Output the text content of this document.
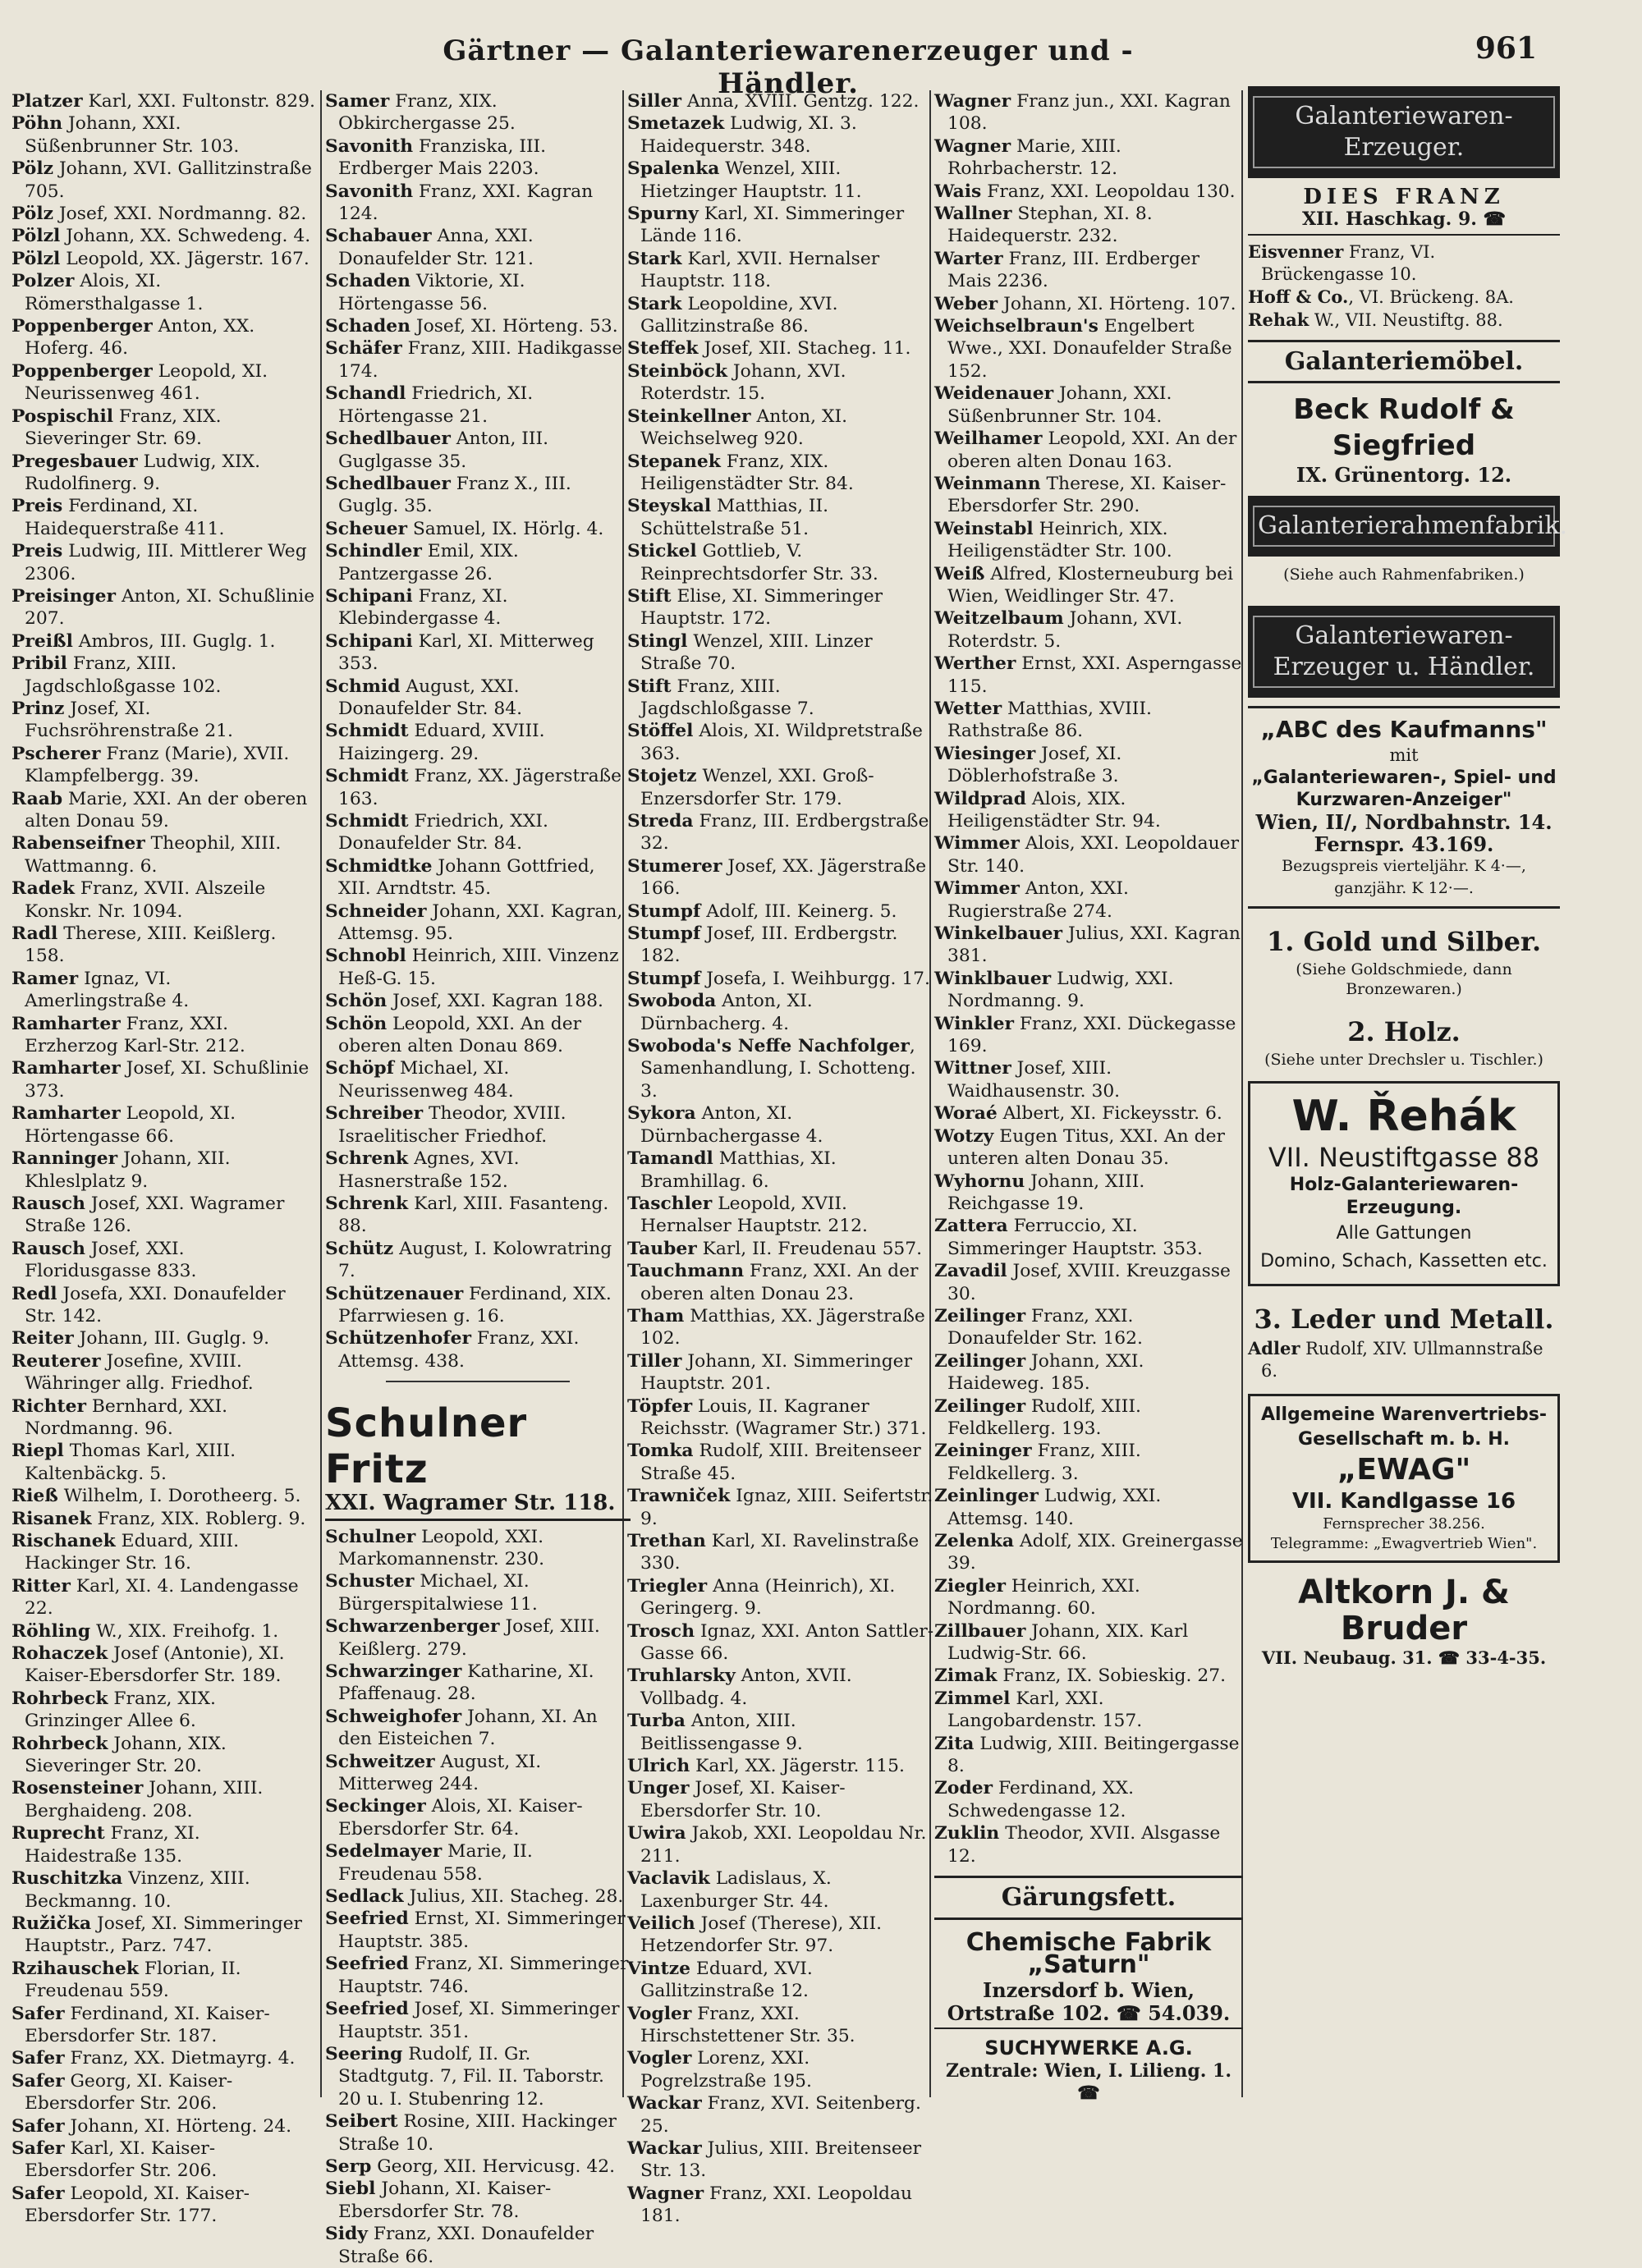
Gärtner — Galanteriewarenerzeuger und -Händler.
961
Platzer Karl, XXI. Fultonstr. 829.
Pöhn Johann, XXI. Süßenbrunner Str. 103.
Pölz Johann, XVI. Gallitzinstraße 705.
Pölz Josef, XXI. Nordmanng. 82.
Pölzl Johann, XX. Schwedeng. 4.
Pölzl Leopold, XX. Jägerstr. 167.
Polzer Alois, XI. Römersthalgasse 1.
Poppenberger Anton, XX. Hoferg. 46.
Poppenberger Leopold, XI. Neurissenweg 461.
Pospischil Franz, XIX. Sieveringer Str. 69.
Pregesbauer Ludwig, XIX. Rudolfinerg. 9.
Preis Ferdinand, XI. Haidequerstraße 411.
Preis Ludwig, III. Mittlerer Weg 2306.
Preisinger Anton, XI. Schußlinie 207.
Preißl Ambros, III. Guglg. 1.
Pribil Franz, XIII. Jagdschloßgasse 102.
Prinz Josef, XI. Fuchsröhrenstraße 21.
Pscherer Franz (Marie), XVII. Klampfelbergg. 39.
Raab Marie, XXI. An der oberen alten Donau 59.
Rabenseifner Theophil, XIII. Wattmanng. 6.
Radek Franz, XVII. Alszeile Konskr. Nr. 1094.
Radl Therese, XIII. Keißlerg. 158.
Ramer Ignaz, VI. Amerlingstraße 4.
Ramharter Franz, XXI. Erzherzog Karl-Str. 212.
Ramharter Josef, XI. Schußlinie 373.
Ramharter Leopold, XI. Hörtengasse 66.
Ranninger Johann, XII. Khleslplatz 9.
Rausch Josef, XXI. Wagramer Straße 126.
Rausch Josef, XXI. Floridusgasse 833.
Redl Josefa, XXI. Donaufelder Str. 142.
Reiter Johann, III. Guglg. 9.
Reuterer Josefine, XVIII. Währinger allg. Friedhof.
Richter Bernhard, XXI. Nordmanng. 96.
Riepl Thomas Karl, XIII. Kaltenbäckg. 5.
Rieß Wilhelm, I. Dorotheerg. 5.
Risanek Franz, XIX. Roblerg. 9.
Rischanek Eduard, XIII. Hackinger Str. 16.
Ritter Karl, XI. 4. Landengasse 22.
Röhling W., XIX. Freihofg. 1.
Rohaczek Josef (Antonie), XI. Kaiser-Ebersdorfer Str. 189.
Rohrbeck Franz, XIX. Grinzinger Allee 6.
Rohrbeck Johann, XIX. Sieveringer Str. 20.
Rosensteiner Johann, XIII. Berghaideng. 208.
Ruprecht Franz, XI. Haidestraße 135.
Ruschitzka Vinzenz, XIII. Beckmanng. 10.
Ružička Josef, XI. Simmeringer Hauptstr., Parz. 747.
Rzihauschek Florian, II. Freudenau 559.
Safer Ferdinand, XI. Kaiser-Ebersdorfer Str. 187.
Safer Franz, XX. Dietmayrg. 4.
Safer Georg, XI. Kaiser-Ebersdorfer Str. 206.
Safer Johann, XI. Hörteng. 24.
Safer Karl, XI. Kaiser-Ebersdorfer Str. 206.
Safer Leopold, XI. Kaiser-Ebersdorfer Str. 177.
Samer Franz, XIX. Obkirchergasse 25.
Savonith Franziska, III. Erdberger Mais 2203.
Savonith Franz, XXI. Kagran 124.
Schabauer Anna, XXI. Donaufelder Str. 121.
Schaden Viktorie, XI. Hörtengasse 56.
Schaden Josef, XI. Hörteng. 53.
Schäfer Franz, XIII. Hadikgasse 174.
Schandl Friedrich, XI. Hörtengasse 21.
Schedlbauer Anton, III. Guglgasse 35.
Schedlbauer Franz X., III. Guglg. 35.
Scheuer Samuel, IX. Hörlg. 4.
Schindler Emil, XIX. Pantzergasse 26.
Schipani Franz, XI. Klebindergasse 4.
Schipani Karl, XI. Mitterweg 353.
Schmid August, XXI. Donaufelder Str. 84.
Schmidt Eduard, XVIII. Haizingerg. 29.
Schmidt Franz, XX. Jägerstraße 163.
Schmidt Friedrich, XXI. Donaufelder Str. 84.
Schmidtke Johann Gottfried, XII. Arndtstr. 45.
Schneider Johann, XXI. Kagran, Attemsg. 95.
Schnobl Heinrich, XIII. Vinzenz Heß-G. 15.
Schön Josef, XXI. Kagran 188.
Schön Leopold, XXI. An der oberen alten Donau 869.
Schöpf Michael, XI. Neurissenweg 484.
Schreiber Theodor, XVIII. Israelitischer Friedhof.
Schrenk Agnes, XVI. Hasnerstraße 152.
Schrenk Karl, XIII. Fasanteng. 88.
Schütz August, I. Kolowratring 7.
Schützenauer Ferdinand, XIX. Pfarrwiesen g. 16.
Schützenhofer Franz, XXI. Attemsg. 438.
Schulner Fritz
XXI. Wagramer Str. 118.
Schulner Leopold, XXI. Markomannenstr. 230.
Schuster Michael, XI. Bürgerspitalwiese 11.
Schwarzenberger Josef, XIII. Keißlerg. 279.
Schwarzinger Katharine, XI. Pfaffenaug. 28.
Schweighofer Johann, XI. An den Eisteichen 7.
Schweitzer August, XI. Mitterweg 244.
Seckinger Alois, XI. Kaiser-Ebersdorfer Str. 64.
Sedelmayer Marie, II. Freudenau 558.
Sedlack Julius, XII. Stacheg. 28.
Seefried Ernst, XI. Simmeringer Hauptstr. 385.
Seefried Franz, XI. Simmeringer Hauptstr. 746.
Seefried Josef, XI. Simmeringer Hauptstr. 351.
Seering Rudolf, II. Gr. Stadtgutg. 7, Fil. II. Taborstr. 20 u. I. Stubenring 12.
Seibert Rosine, XIII. Hackinger Straße 10.
Serp Georg, XII. Hervicusg. 42.
Siebl Johann, XI. Kaiser-Ebersdorfer Str. 78.
Sidy Franz, XXI. Donaufelder Straße 66.
Siller Anna, XVIII. Gentzg. 122.
Smetazek Ludwig, XI. 3. Haidequerstr. 348.
Spalenka Wenzel, XIII. Hietzinger Hauptstr. 11.
Spurny Karl, XI. Simmeringer Lände 116.
Stark Karl, XVII. Hernalser Hauptstr. 118.
Stark Leopoldine, XVI. Gallitzinstraße 86.
Steffek Josef, XII. Stacheg. 11.
Steinböck Johann, XVI. Roterdstr. 15.
Steinkellner Anton, XI. Weichselweg 920.
Stepanek Franz, XIX. Heiligenstädter Str. 84.
Steyskal Matthias, II. Schüttelstraße 51.
Stickel Gottlieb, V. Reinprechtsdorfer Str. 33.
Stift Elise, XI. Simmeringer Hauptstr. 172.
Stingl Wenzel, XIII. Linzer Straße 70.
Stift Franz, XIII. Jagdschloßgasse 7.
Stöffel Alois, XI. Wildpretstraße 363.
Stojetz Wenzel, XXI. Groß-Enzersdorfer Str. 179.
Streda Franz, III. Erdbergstraße 32.
Stumerer Josef, XX. Jägerstraße 166.
Stumpf Adolf, III. Keinerg. 5.
Stumpf Josef, III. Erdbergstr. 182.
Stumpf Josefa, I. Weihburgg. 17.
Swoboda Anton, XI. Dürnbacherg. 4.
Swoboda's Neffe Nachfolger, Samenhandlung, I. Schotteng. 3.
Sykora Anton, XI. Dürnbachergasse 4.
Tamandl Matthias, XI. Bramhillag. 6.
Taschler Leopold, XVII. Hernalser Hauptstr. 212.
Tauber Karl, II. Freudenau 557.
Tauchmann Franz, XXI. An der oberen alten Donau 23.
Tham Matthias, XX. Jägerstraße 102.
Tiller Johann, XI. Simmeringer Hauptstr. 201.
Töpfer Louis, II. Kagraner Reichsstr. (Wagramer Str.) 371.
Tomka Rudolf, XIII. Breitenseer Straße 45.
Trawniček Ignaz, XIII. Seifertstr. 9.
Trethan Karl, XI. Ravelinstraße 330.
Triegler Anna (Heinrich), XI. Geringerg. 9.
Trosch Ignaz, XXI. Anton Sattler-Gasse 66.
Truhlarsky Anton, XVII. Vollbadg. 4.
Turba Anton, XIII. Beitlissengasse 9.
Ulrich Karl, XX. Jägerstr. 115.
Unger Josef, XI. Kaiser-Ebersdorfer Str. 10.
Uwira Jakob, XXI. Leopoldau Nr. 211.
Vaclavik Ladislaus, X. Laxenburger Str. 44.
Veilich Josef (Therese), XII. Hetzendorfer Str. 97.
Vintze Eduard, XVI. Gallitzinstraße 12.
Vogler Franz, XXI. Hirschstettener Str. 35.
Vogler Lorenz, XXI. Pogrelzstraße 195.
Wackar Franz, XVI. Seitenberg. 25.
Wackar Julius, XIII. Breitenseer Str. 13.
Wagner Franz, XXI. Leopoldau 181.
Wagner Franz jun., XXI. Kagran 108.
Wagner Marie, XIII. Rohrbacherstr. 12.
Wais Franz, XXI. Leopoldau 130.
Wallner Stephan, XI. 8. Haidequerstr. 232.
Warter Franz, III. Erdberger Mais 2236.
Weber Johann, XI. Hörteng. 107.
Weichselbraun's Engelbert Wwe., XXI. Donaufelder Straße 152.
Weidenauer Johann, XXI. Süßenbrunner Str. 104.
Weilhamer Leopold, XXI. An der oberen alten Donau 163.
Weinmann Therese, XI. Kaiser-Ebersdorfer Str. 290.
Weinstabl Heinrich, XIX. Heiligenstädter Str. 100.
Weiß Alfred, Klosterneuburg bei Wien, Weidlinger Str. 47.
Weitzelbaum Johann, XVI. Roterdstr. 5.
Werther Ernst, XXI. Asperngasse 115.
Wetter Matthias, XVIII. Rathstraße 86.
Wiesinger Josef, XI. Döblerhofstraße 3.
Wildprad Alois, XIX. Heiligenstädter Str. 94.
Wimmer Alois, XXI. Leopoldauer Str. 140.
Wimmer Anton, XXI. Rugierstraße 274.
Winkelbauer Julius, XXI. Kagran 381.
Winklbauer Ludwig, XXI. Nordmanng. 9.
Winkler Franz, XXI. Dückegasse 169.
Wittner Josef, XIII. Waidhausenstr. 30.
Woraé Albert, XI. Fickeysstr. 6.
Wotzy Eugen Titus, XXI. An der unteren alten Donau 35.
Wyhornu Johann, XIII. Reichgasse 19.
Zattera Ferruccio, XI. Simmeringer Hauptstr. 353.
Zavadil Josef, XVIII. Kreuzgasse 30.
Zeilinger Franz, XXI. Donaufelder Str. 162.
Zeilinger Johann, XXI. Haideweg. 185.
Zeilinger Rudolf, XIII. Feldkellerg. 193.
Zeininger Franz, XIII. Feldkellerg. 3.
Zeinlinger Ludwig, XXI. Attemsg. 140.
Zelenka Adolf, XIX. Greinergasse 39.
Ziegler Heinrich, XXI. Nordmanng. 60.
Zillbauer Johann, XIX. Karl Ludwig-Str. 66.
Zimak Franz, IX. Sobieskig. 27.
Zimmel Karl, XXI. Langobardenstr. 157.
Zita Ludwig, XIII. Beitingergasse 8.
Zoder Ferdinand, XX. Schwedengasse 12.
Zuklin Theodor, XVII. Alsgasse 12.
Gärungsfett.
Chemische Fabrik „Saturn"
Inzersdorf b. Wien, Ortstraße 102. ☎ 54.039.
SUCHYWERKE A.G.
Zentrale: Wien, I. Lilieng. 1. ☎
Galanteriewaren-Erzeuger.
DIES FRANZ
XII. Haschkag. 9. ☎
Eisvenner Franz, VI. Brückengasse 10.
Hoff & Co., VI. Brückeng. 8A.
Rehak W., VII. Neustiftg. 88.
Galanteriemöbel.
Beck Rudolf & Siegfried
IX. Grünentorg. 12.
Galanterierahmenfabrik.
(Siehe auch Rahmenfabriken.)
Galanteriewaren-Erzeuger u. Händler.
„ABC des Kaufmanns"
mit
„Galanteriewaren-, Spiel- und Kurzwaren-Anzeiger"
Wien, II/, Nordbahnstr. 14.
Fernspr. 43.169.
Bezugspreis vierteljähr. K 4·—, ganzjähr. K 12·—.
1. Gold und Silber.
(Siehe Goldschmiede, dann Bronzewaren.)
2. Holz.
(Siehe unter Drechsler u. Tischler.)
W. Řehák
VII. Neustiftgasse 88
Holz-Galanteriewaren-Erzeugung.
Alle Gattungen
Domino, Schach, Kassetten etc.
3. Leder und Metall.
Adler Rudolf, XIV. Ullmannstraße 6.
Allgemeine Warenvertriebs-
Gesellschaft m. b. H.
„EWAG"
VII. Kandlgasse 16
Fernsprecher 38.256.
Telegramme: „Ewagvertrieb Wien".
Altkorn J. & Bruder
VII. Neubaug. 31. ☎ 33-4-35.
